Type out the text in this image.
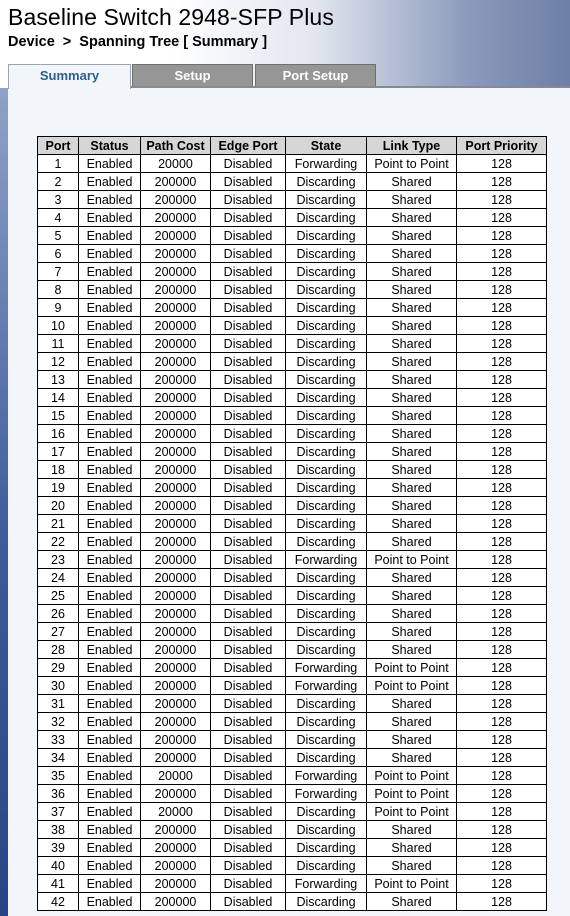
Baseline Switch 2948-SFP Plus
Device > Spanning Tree [ Summary ]
Summary	Setup	Port Setup
Port	Status	Path Cost	Edge Port	State	Link Type	Port Priority
1	Enabled	20000	Disabled	Forwarding	Point to Point	128
2	Enabled	200000	Disabled	Discarding	Shared	128
3	Enabled	200000	Disabled	Discarding	Shared	128
4	Enabled	200000	Disabled	Discarding	Shared	128
5	Enabled	200000	Disabled	Discarding	Shared	128
6	Enabled	200000	Disabled	Discarding	Shared	128
7	Enabled	200000	Disabled	Discarding	Shared	128
8	Enabled	200000	Disabled	Discarding	Shared	128
9	Enabled	200000	Disabled	Discarding	Shared	128
10	Enabled	200000	Disabled	Discarding	Shared	128
11	Enabled	200000	Disabled	Discarding	Shared	128
12	Enabled	200000	Disabled	Discarding	Shared	128
13	Enabled	200000	Disabled	Discarding	Shared	128
14	Enabled	200000	Disabled	Discarding	Shared	128
15	Enabled	200000	Disabled	Discarding	Shared	128
16	Enabled	200000	Disabled	Discarding	Shared	128
17	Enabled	200000	Disabled	Discarding	Shared	128
18	Enabled	200000	Disabled	Discarding	Shared	128
19	Enabled	200000	Disabled	Discarding	Shared	128
20	Enabled	200000	Disabled	Discarding	Shared	128
21	Enabled	200000	Disabled	Discarding	Shared	128
22	Enabled	200000	Disabled	Discarding	Shared	128
23	Enabled	200000	Disabled	Forwarding	Point to Point	128
24	Enabled	200000	Disabled	Discarding	Shared	128
25	Enabled	200000	Disabled	Discarding	Shared	128
26	Enabled	200000	Disabled	Discarding	Shared	128
27	Enabled	200000	Disabled	Discarding	Shared	128
28	Enabled	200000	Disabled	Discarding	Shared	128
29	Enabled	200000	Disabled	Forwarding	Point to Point	128
30	Enabled	200000	Disabled	Forwarding	Point to Point	128
31	Enabled	200000	Disabled	Discarding	Shared	128
32	Enabled	200000	Disabled	Discarding	Shared	128
33	Enabled	200000	Disabled	Discarding	Shared	128
34	Enabled	200000	Disabled	Discarding	Shared	128
35	Enabled	20000	Disabled	Forwarding	Point to Point	128
36	Enabled	200000	Disabled	Forwarding	Point to Point	128
37	Enabled	20000	Disabled	Discarding	Point to Point	128
38	Enabled	200000	Disabled	Discarding	Shared	128
39	Enabled	200000	Disabled	Discarding	Shared	128
40	Enabled	200000	Disabled	Discarding	Shared	128
41	Enabled	200000	Disabled	Forwarding	Point to Point	128
42	Enabled	200000	Disabled	Discarding	Shared	128
